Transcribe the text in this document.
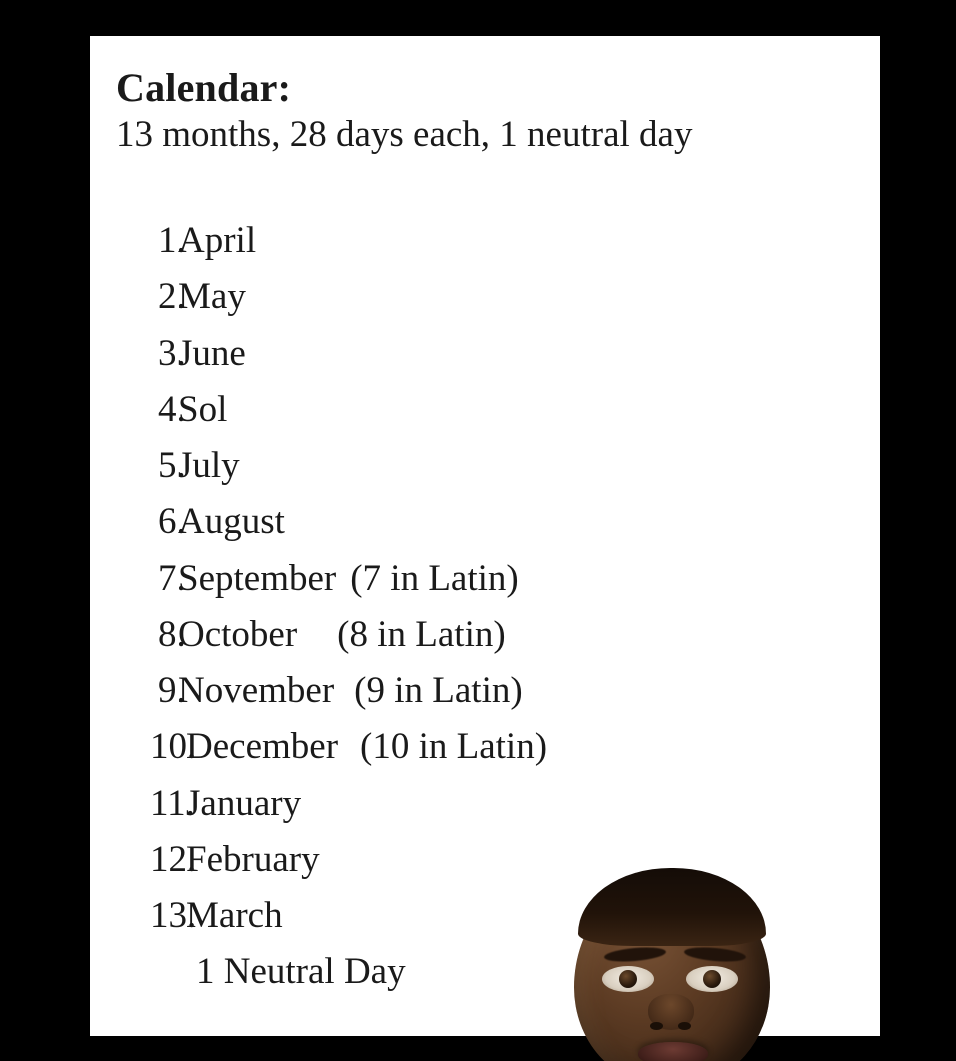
Calendar:

13 months, 28 days each, 1 neutral day

1.
April
2.
May
3.
June
4.
Sol
5.
July
6.
August
7.
September (7 in Latin)
8.
October	(8 in Latin)
9.
November (9 in Latin)
10.
December (10 in Latin)
11.
January
12.
February
13.
March
1 Neutral Day
